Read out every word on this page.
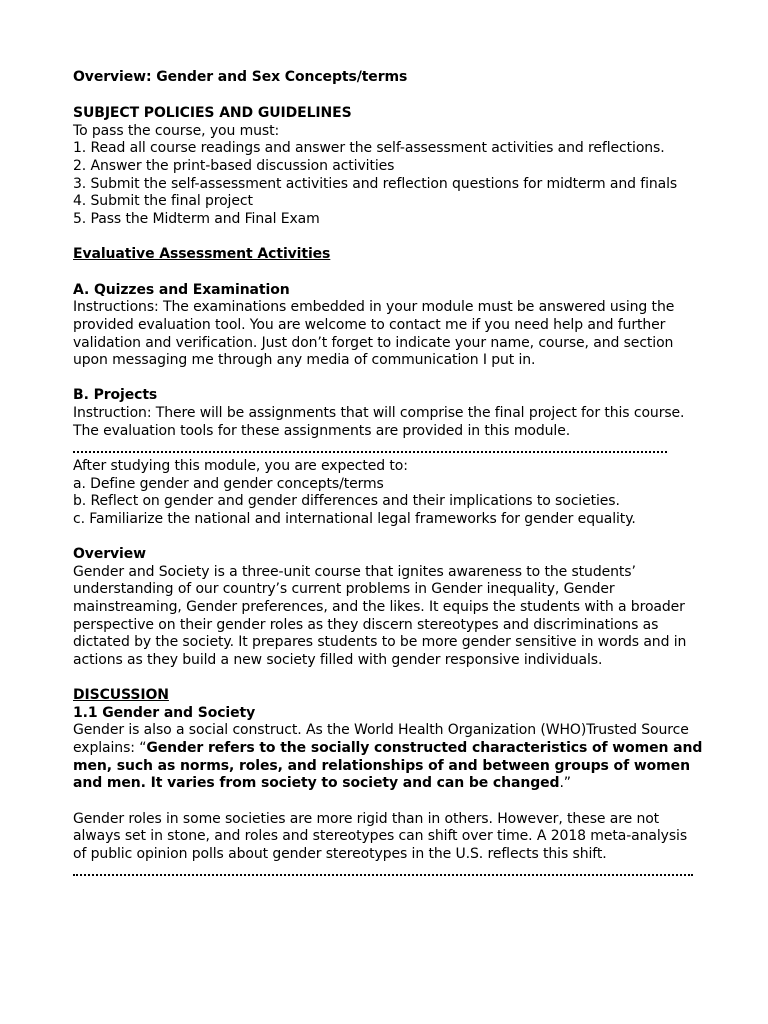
Overview: Gender and Sex Concepts/terms
SUBJECT POLICIES AND GUIDELINES
To pass the course, you must:
1. Read all course readings and answer the self-assessment activities and reflections.
2. Answer the print-based discussion activities
3. Submit the self-assessment activities and reflection questions for midterm and finals
4. Submit the final project
5. Pass the Midterm and Final Exam
Evaluative Assessment Activities
A. Quizzes and Examination
Instructions: The examinations embedded in your module must be answered using the
provided evaluation tool. You are welcome to contact me if you need help and further
validation and verification. Just don’t forget to indicate your name, course, and section
upon messaging me through any media of communication I put in.
B. Projects
Instruction: There will be assignments that will comprise the final project for this course.
The evaluation tools for these assignments are provided in this module.
After studying this module, you are expected to:
a. Define gender and gender concepts/terms
b. Reflect on gender and gender differences and their implications to societies.
c. Familiarize the national and international legal frameworks for gender equality.
Overview
Gender and Society is a three-unit course that ignites awareness to the students’
understanding of our country’s current problems in Gender inequality, Gender
mainstreaming, Gender preferences, and the likes. It equips the students with a broader
perspective on their gender roles as they discern stereotypes and discriminations as
dictated by the society. It prepares students to be more gender sensitive in words and in
actions as they build a new society filled with gender responsive individuals.
DISCUSSION
1.1 Gender and Society
Gender is also a social construct. As the World Health Organization (WHO)Trusted Source
explains: “Gender refers to the socially constructed characteristics of women and
men, such as norms, roles, and relationships of and between groups of women
and men. It varies from society to society and can be changed.”
Gender roles in some societies are more rigid than in others. However, these are not
always set in stone, and roles and stereotypes can shift over time. A 2018 meta-analysis
of public opinion polls about gender stereotypes in the U.S. reflects this shift.
